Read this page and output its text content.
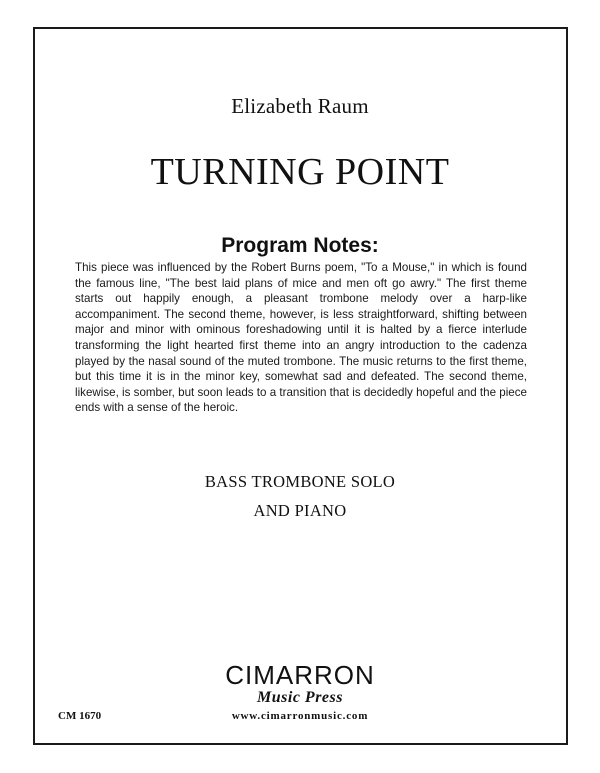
Elizabeth Raum
TURNING POINT
Program Notes:
This piece was influenced by the Robert Burns poem, "To a Mouse," in which is found the famous line, "The best laid plans of mice and men oft go awry." The first theme starts out happily enough, a pleasant trombone melody over a harp-like accompaniment. The second theme, however, is less straightforward, shifting between major and minor with ominous foreshadowing until it is halted by a fierce interlude transforming the light hearted first theme into an angry introduction to the cadenza played by the nasal sound of the muted trombone. The music returns to the first theme, but this time it is in the minor key, somewhat sad and defeated. The second theme, likewise, is somber, but soon leads to a transition that is decidedly hopeful and the piece ends with a sense of the heroic.
BASS TROMBONE SOLO
AND PIANO
CIMARRON
Music Press
www.cimarronmusic.com
CM 1670
